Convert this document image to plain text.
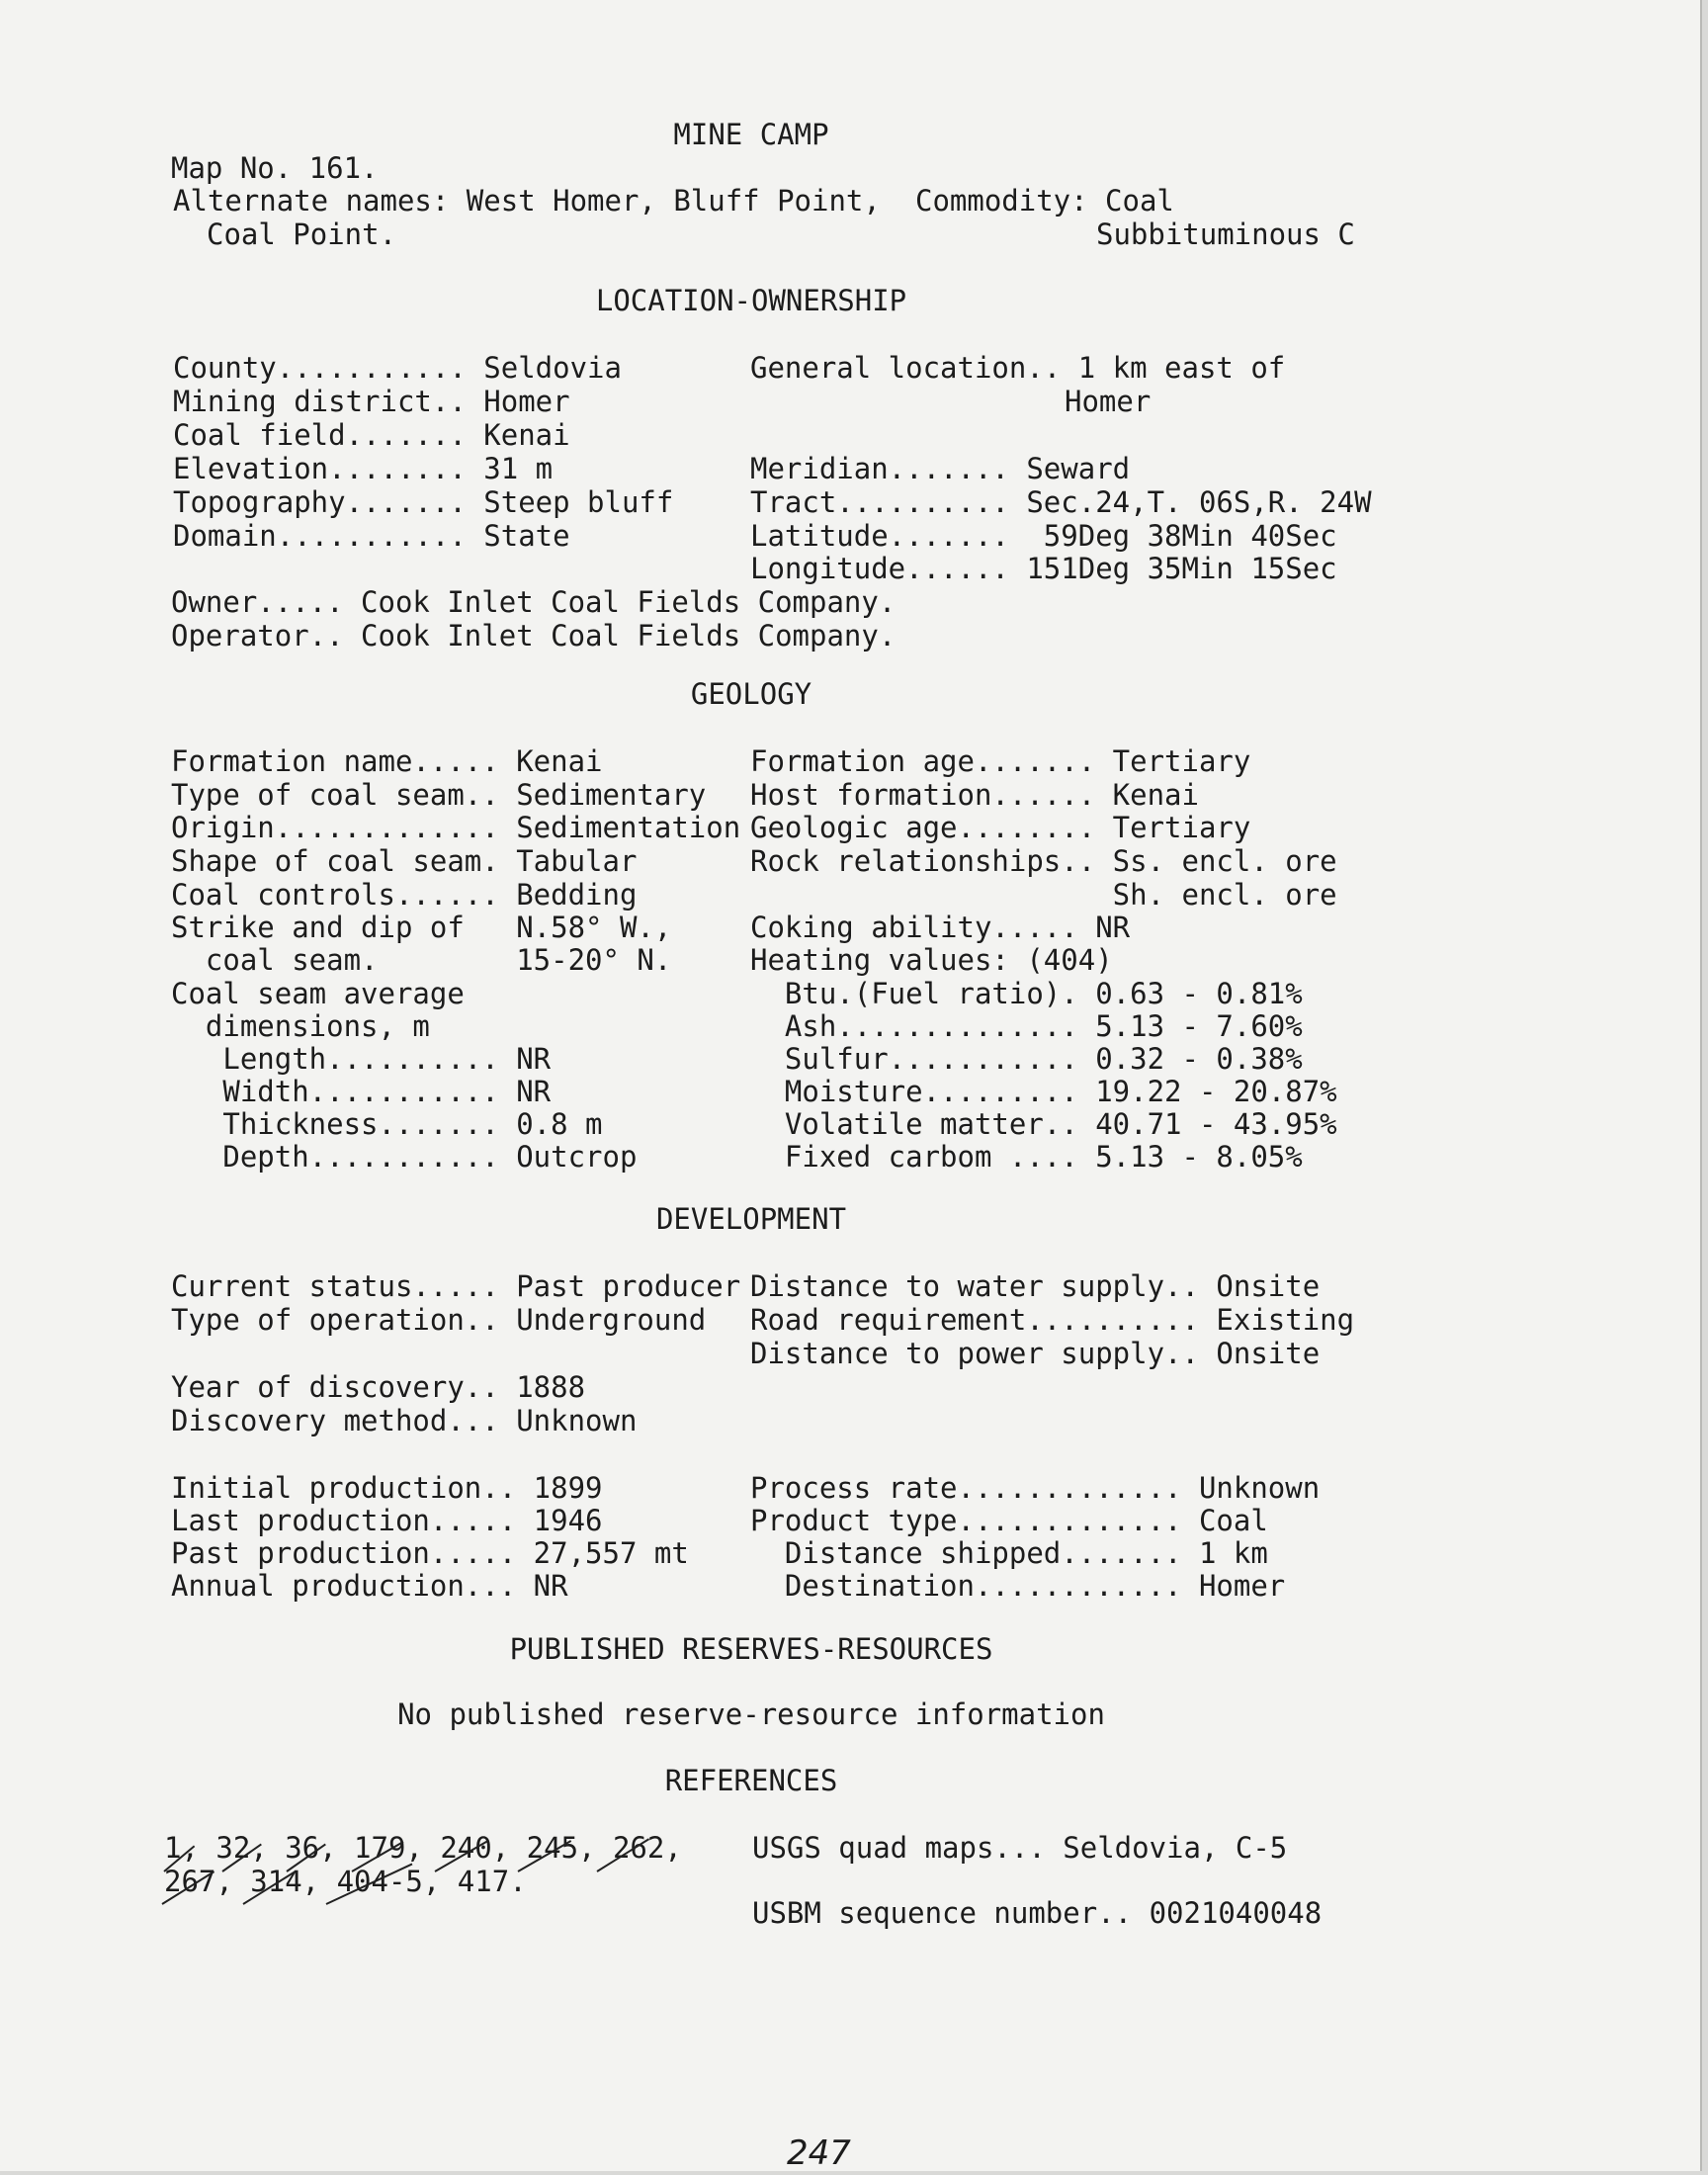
MINE CAMP
Map No. 161.
Alternate names: West Homer, Bluff Point,
Coal Point.
Commodity: Coal
Subbituminous C
LOCATION-OWNERSHIP
County........... Seldovia
Mining district.. Homer
Coal field....... Kenai
Elevation........ 31 m
Topography....... Steep bluff
Domain........... State
General location.. 1 km east of
Homer
Meridian....... Seward
Tract.......... Sec.24,T. 06S,R. 24W
Latitude.......  59Deg 38Min 40Sec
Longitude...... 151Deg 35Min 15Sec
Owner..... Cook Inlet Coal Fields Company.
Operator.. Cook Inlet Coal Fields Company.
GEOLOGY
Formation name..... Kenai
Type of coal seam.. Sedimentary
Origin............. Sedimentation
Shape of coal seam. Tabular
Coal controls...... Bedding
Strike and dip of   N.58° W.,
coal seam.        15-20° N.
Coal seam average
dimensions, m
Length.......... NR
Width........... NR
Thickness....... 0.8 m
Depth........... Outcrop
Formation age....... Tertiary
Host formation...... Kenai
Geologic age........ Tertiary
Rock relationships.. Ss. encl. ore
Sh. encl. ore
Coking ability..... NR
Heating values: (404)
Btu.(Fuel ratio). 0.63 - 0.81%
Ash.............. 5.13 - 7.60%
Sulfur........... 0.32 - 0.38%
Moisture......... 19.22 - 20.87%
Volatile matter.. 40.71 - 43.95%
Fixed carbom .... 5.13 - 8.05%
DEVELOPMENT
Current status..... Past producer
Type of operation.. Underground
Year of discovery.. 1888
Discovery method... Unknown
Initial production.. 1899
Last production..... 1946
Past production..... 27,557 mt
Annual production... NR
Distance to water supply.. Onsite
Road requirement.......... Existing
Distance to power supply.. Onsite
Process rate............. Unknown
Product type............. Coal
Distance shipped....... 1 km
Destination............ Homer
PUBLISHED RESERVES-RESOURCES
No published reserve-resource information
REFERENCES
1, 32, 36, 179, 240, 245, 262,
267, 314, 404-5, 417.
USGS quad maps... Seldovia, C-5
USBM sequence number.. 0021040048
247
